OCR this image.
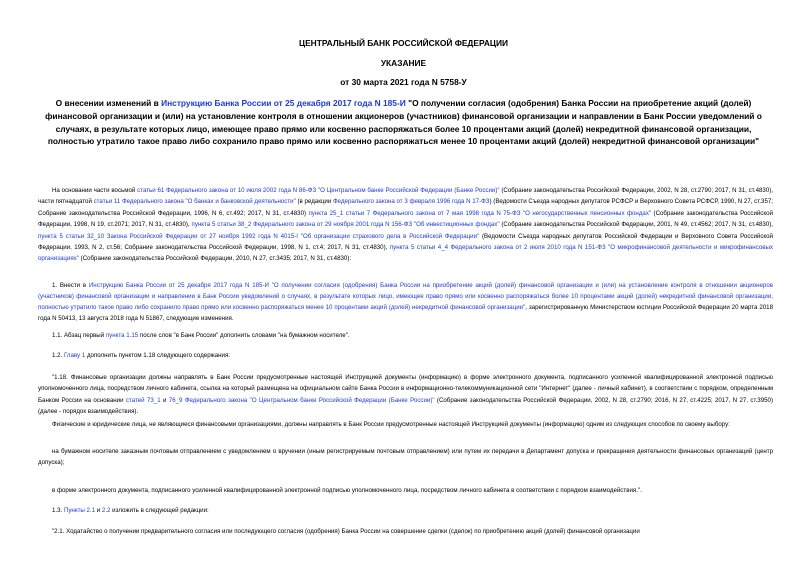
ЦЕНТРАЛЬНЫЙ БАНК РОССИЙСКОЙ ФЕДЕРАЦИИ

УКАЗАНИЕ

от 30 марта 2021 года N 5758-У

О внесении изменений в Инструкцию Банка России от 25 декабря 2017 года N 185-И "О получении согласия (одобрения) Банка России на приобретение акций (долей) финансовой организации и (или) на установление контроля в отношении акционеров (участников) финансовой организации и направлении в Банк России уведомлений о случаях, в результате которых лицо, имеющее право прямо или косвенно распоряжаться более 10 процентами акций (долей) некредитной финансовой организации, полностью утратило такое право либо сохранило право прямо или косвенно распоряжаться менее 10 процентами акций (долей) некредитной финансовой организации"

На основании части восьмой статьи 61 Федерального закона от 10 июля 2002 года N 86-ФЗ "О Центральном банке Российской Федерации (Банке России)" (Собрание законодательства Российской Федерации, 2002, N 28, ст.2790; 2017, N 31, ст.4830), части пятнадцатой статьи 11 Федерального закона "О банках и банковской деятельности" (в редакции Федерального закона от 3 февраля 1996 года N 17-ФЗ) (Ведомости Съезда народных депутатов РСФСР и Верховного Совета РСФСР, 1990, N 27, ст.357; Собрание законодательства Российской Федерации, 1996, N 6, ст.492; 2017, N 31, ст.4830) пункта 25_1 статьи 7 Федерального закона от 7 мая 1998 года N 75-ФЗ "О негосударственных пенсионных фондах" (Собрание законодательства Российской Федерации, 1998, N 19, ст.2071; 2017, N 31, ст.4830), пункта 5 статьи 38_2 Федерального закона от 29 ноября 2001 года N 156-ФЗ "Об инвестиционных фондах" (Собрание законодательства Российской Федерации, 2001, N 49, ст.4562; 2017, N 31, ст.4830), пункта 5 статьи 32_10 Закона Российской Федерации от 27 ноября 1992 года N 4015-I "Об организации страхового дела в Российской Федерации" (Ведомости Съезда народных депутатов Российской Федерации и Верховного Совета Российской Федерации, 1993, N 2, ст.56; Собрание законодательства Российской Федерации, 1998, N 1, ст.4; 2017, N 31, ст.4830), пункта 5 статьи 4_4 Федерального закона от 2 июля 2010 года N 151-ФЗ "О микрофинансовой деятельности и микрофинансовых организациях" (Собрание законодательства Российской Федерации, 2010, N 27, ст.3435; 2017, N 31, ст.4830):

1. Внести в Инструкцию Банка России от 25 декабря 2017 года N 185-И "О получении согласия (одобрения) Банка России на приобретение акций (долей) финансовой организации и (или) на установление контроля в отношении акционеров (участников) финансовой организации и направлении в Банк России уведомлений о случаях, в результате которых лицо, имеющее право прямо или косвенно распоряжаться более 10 процентами акций (долей) некредитной финансовой организации, полностью утратило такое право либо сохранило право прямо или косвенно распоряжаться менее 10 процентами акций (долей) некредитной финансовой организации", зарегистрированную Министерством юстиции Российской Федерации 20 марта 2018 года N 50413, 13 августа 2018 года N 51867, следующие изменения.

1.1. Абзац первый пункта 1.15 после слов "в Банк России" дополнить словами "на бумажном носителе".

1.2. Главу 1 дополнить пунктом 1.18 следующего содержания:

"1.18. Финансовые организации должны направлять в Банк России предусмотренные настоящей Инструкцией документы (информацию) в форме электронного документа, подписанного усиленной квалифицированной электронной подписью уполномоченного лица, посредством личного кабинета, ссылка на который размещена на официальном сайте Банка России в информационно-телекоммуникационной сети "Интернет" (далее - личный кабинет), в соответствии с порядком, определенным Банком России на основании статей 73_1 и 76_9 Федерального закона "О Центральном банке Российской Федерации (Банке России)" (Собрание законодательства Российской Федерации, 2002, N 28, ст.2790; 2016, N 27, ст.4225; 2017, N 27, ст.3950) (далее - порядок взаимодействия).

Физические и юридические лица, не являющиеся финансовыми организациями, должны направлять в Банк России предусмотренные настоящей Инструкцией документы (информацию) одним из следующих способов по своему выбору:

на бумажном носителе заказным почтовым отправлением с уведомлением о вручении (иным регистрируемым почтовым отправлением) или путем их передачи в Департамент допуска и прекращения деятельности финансовых организаций (центр допуска);

в форме электронного документа, подписанного усиленной квалифицированной электронной подписью уполномоченного лица, посредством личного кабинета в соответствии с порядком взаимодействия.".

1.3. Пункты 2.1 и 2.2 изложить в следующей редакции:

"2.1. Ходатайство о получении предварительного согласия или последующего согласия (одобрения) Банка России на совершение сделки (сделок) по приобретению акций (долей) финансовой организации
